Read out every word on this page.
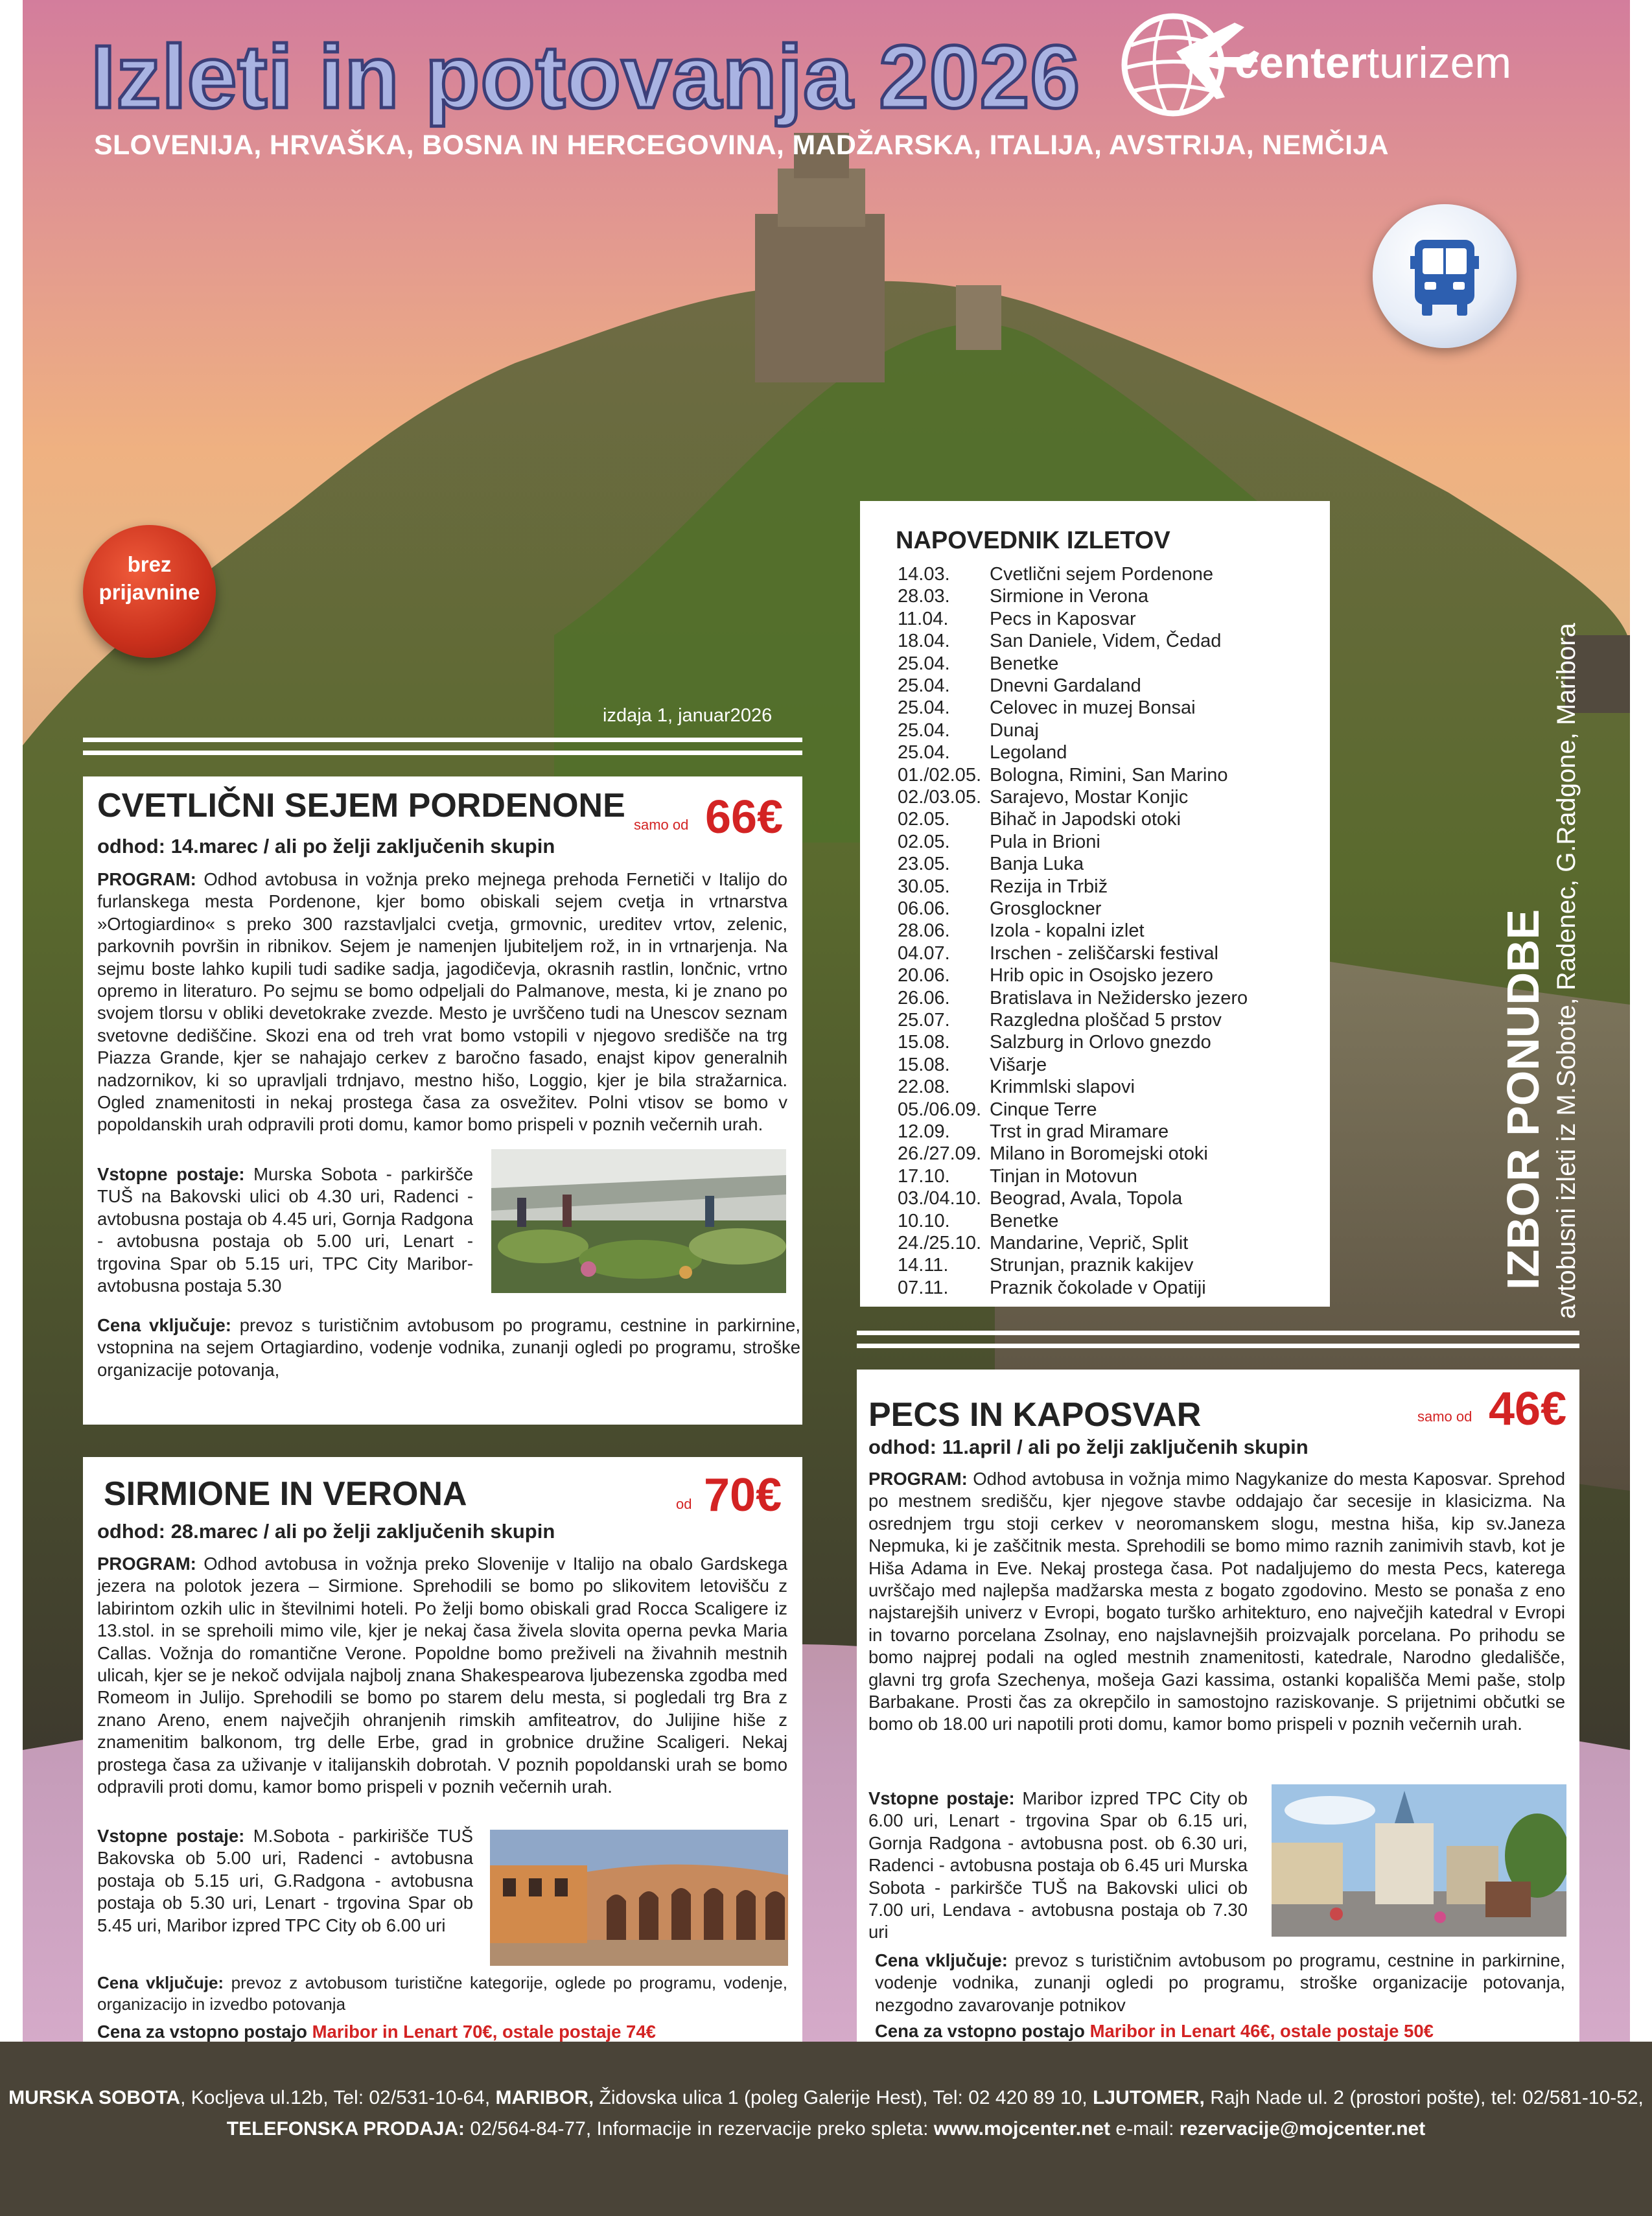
Izleti in potovanja 2026
SLOVENIJA, HRVAŠKA, BOSNA IN HERCEGOVINA, MADŽARSKA, ITALIJA, AVSTRIJA, NEMČIJA
centerturizem
brez
prijavnine
izdaja 1, januar2026
CVETLIČNI SEJEM PORDENONE
samo od 66€
odhod: 14.marec / ali po želji zaključenih skupin
PROGRAM: Odhod avtobusa in vožnja preko mejnega prehoda Fernetiči v Italijo do furlanskega mesta Pordenone, kjer bomo obiskali sejem cvetja in vrtnarstva »Ortogiardino« s preko 300 razstavljalci cvetja, grmovnic, ureditev vrtov, zelenic, parkovnih površin in ribnikov. Sejem je namenjen ljubiteljem rož, in in vrtnarjenja. Na sejmu boste lahko kupili tudi sadike sadja, jagodičevja, okrasnih rastlin, lončnic, vrtno opremo in literaturo. Po sejmu se bomo odpeljali do Palmanove, mesta, ki je znano po svojem tlorsu v obliki devetokrake zvezde. Mesto je uvrščeno tudi na Unescov seznam svetovne dediščine. Skozi ena od treh vrat bomo vstopili v njegovo središče na trg Piazza Grande, kjer se nahajajo cerkev z baročno fasado, enajst kipov generalnih nadzornikov, ki so upravljali trdnjavo, mestno hišo, Loggio, kjer je bila stražarnica. Ogled znamenitosti in nekaj prostega časa za osvežitev. Polni vtisov se bomo v popoldanskih urah odpravili proti domu, kamor bomo prispeli v poznih večernih urah.
Vstopne postaje: Murska Sobota - parkiršče TUŠ na Bakovski ulici ob 4.30 uri, Radenci - avtobusna postaja ob 4.45 uri, Gornja Radgona - avtobusna postaja ob 5.00 uri, Lenart - trgovina Spar ob 5.15 uri, TPC City Maribor-avtobusna postaja 5.30
Cena vključuje: prevoz s turističnim avtobusom po programu, cestnine in parkirnine, vstopnina na sejem Ortagiardino, vodenje vodnika, zunanji ogledi po programu, stroške organizacije potovanja,
SIRMIONE IN VERONA	od 70€
odhod: 28.marec / ali po želji zaključenih skupin
PROGRAM: Odhod avtobusa in vožnja preko Slovenije v Italijo na obalo Gardskega jezera na polotok jezera – Sirmione. Sprehodili se bomo po slikovitem letovišču z labirintom ozkih ulic in številnimi hoteli. Po želji bomo obiskali grad Rocca Scaligere iz 13.stol. in se sprehoili mimo vile, kjer je nekaj časa živela slovita operna pevka Maria Callas. Vožnja do romantične Verone. Popoldne bomo preživeli na živahnih mestnih ulicah, kjer se je nekoč odvijala najbolj znana Shakespearova ljubezenska zgodba med Romeom in Julijo. Sprehodili se bomo po starem delu mesta, si pogledali trg Bra z znano Areno, enem največjih ohranjenih rimskih amfiteatrov, do Julijine hiše z znamenitim balkonom, trg delle Erbe, grad in grobnice družine Scaligeri. Nekaj prostega časa za uživanje v italijanskih dobrotah. V poznih popoldanski urah se bomo odpravili proti domu, kamor bomo prispeli v poznih večernih urah.
Vstopne postaje: M.Sobota - parkirišče TUŠ Bakovska ob 5.00 uri, Radenci - avtobusna postaja ob 5.15 uri, G.Radgona - avtobusna postaja ob 5.30 uri, Lenart - trgovina Spar ob 5.45 uri, Maribor izpred TPC City ob 6.00 uri
Cena vključuje: prevoz z avtobusom turistične kategorije, oglede po programu, vodenje, organizacijo in izvedbo potovanja
Cena za vstopno postajo Maribor in Lenart 70€, ostale postaje 74€
NAPOVEDNIK IZLETOV
14.03. Cvetlični sejem Pordenone
28.03. Sirmione in Verona
11.04. Pecs in Kaposvar
18.04. San Daniele, Videm, Čedad
25.04. Benetke
25.04. Dnevni Gardaland
25.04. Celovec in muzej Bonsai
25.04. Dunaj
25.04. Legoland
01./02.05. Bologna, Rimini, San Marino
02./03.05. Sarajevo, Mostar Konjic
02.05. Bihač in Japodski otoki
02.05. Pula in Brioni
23.05. Banja Luka
30.05. Rezija in Trbiž
06.06. Grosglockner
28.06. Izola - kopalni izlet
04.07. Irschen - zeliščarski festival
20.06. Hrib opic in Osojsko jezero
26.06. Bratislava in Nežidersko jezero
25.07. Razgledna ploščad 5 prstov
15.08. Salzburg in Orlovo gnezdo
15.08. Višarje
22.08. Krimmlski slapovi
05./06.09. Cinque Terre
12.09. Trst in grad Miramare
26./27.09. Milano in Boromejski otoki
17.10. Tinjan in Motovun
03./04.10. Beograd, Avala, Topola
10.10. Benetke
24./25.10. Mandarine, Veprič, Split
14.11. Strunjan, praznik kakijev
07.11. Praznik čokolade v Opatiji
PECS IN KAPOSVAR	samo od 46€
odhod: 11.april / ali po želji zaključenih skupin
PROGRAM: Odhod avtobusa in vožnja mimo Nagykanize do mesta Kaposvar. Sprehod po mestnem središču, kjer njegove stavbe oddajajo čar secesije in klasicizma. Na osrednjem trgu stoji cerkev v neoromanskem slogu, mestna hiša, kip sv.Janeza Nepmuka, ki je zaščitnik mesta. Sprehodili se bomo mimo raznih zanimivih stavb, kot je Hiša Adama in Eve. Nekaj prostega časa. Pot nadaljujemo do mesta Pecs, katerega uvrščajo med najlepša madžarska mesta z bogato zgodovino. Mesto se ponaša z eno najstarejših univerz v Evropi, bogato turško arhitekturo, eno največjih katedral v Evropi in tovarno porcelana Zsolnay, eno najslavnejših proizvajalk porcelana. Po prihodu se bomo najprej podali na ogled mestnih znamenitosti, katedrale, Narodno gledališče, glavni trg grofa Szechenya, mošeja Gazi kassima, ostanki kopališča Memi paše, stolp Barbakane. Prosti čas za okrepčilo in samostojno raziskovanje. S prijetnimi občutki se bomo ob 18.00 uri napotili proti domu, kamor bomo prispeli v poznih večernih urah.
Vstopne postaje: Maribor izpred TPC City ob 6.00 uri, Lenart - trgovina Spar ob 6.15 uri, Gornja Radgona - avtobusna post. ob 6.30 uri, Radenci - avtobusna postaja ob 6.45 uri Murska Sobota - parkiršče TUŠ na Bakovski ulici ob 7.00 uri, Lendava - avtobusna postaja ob 7.30 uri
Cena vključuje: prevoz s turističnim avtobusom po programu, cestnine in parkirnine, vodenje vodnika, zunanji ogledi po programu, stroške organizacije potovanja, nezgodno zavarovanje potnikov
Cena za vstopno postajo Maribor in Lenart 46€, ostale postaje 50€
IZBOR PONUDBE avtobusni izleti iz M.Sobote, Radenec, G.Radgone, Maribora
MURSKA SOBOTA, Kocljeva ul.12b, Tel: 02/531-10-64, MARIBOR, Židovska ulica 1 (poleg Galerije Hest), Tel: 02 420 89 10, LJUTOMER, Rajh Nade ul. 2 (prostori pošte), tel: 02/581-10-52,
TELEFONSKA PRODAJA: 02/564-84-77, Informacije in rezervacije preko spleta: www.mojcenter.net e-mail: rezervacije@mojcenter.net
